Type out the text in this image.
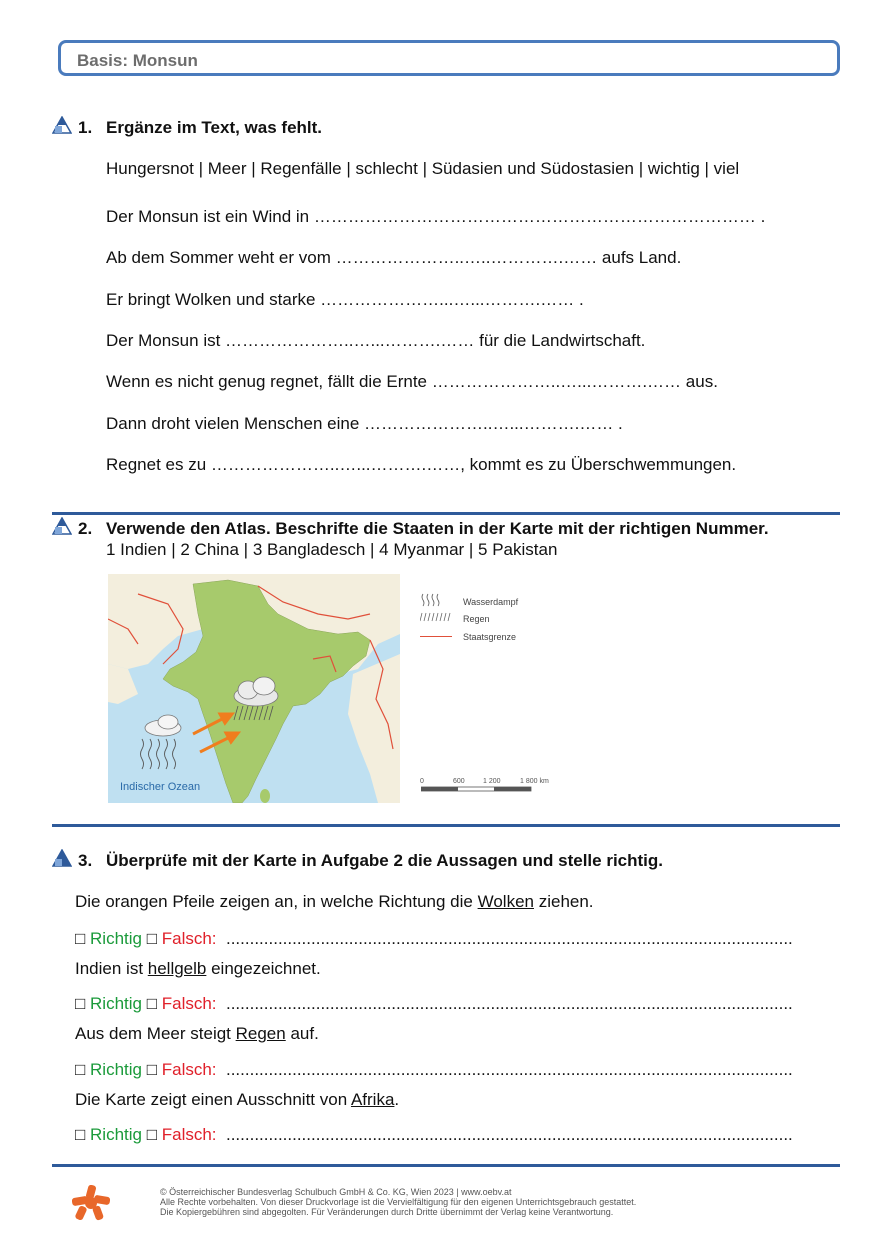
Basis: Monsun
1. Ergänze im Text, was fehlt.
Hungersnot | Meer | Regenfälle | schlecht | Südasien und Südostasien | wichtig | viel
Der Monsun ist ein Wind in …………………………………………………………………… .
Ab dem Sommer weht er vom …………………..…..………….…… aufs Land.
Er bringt Wolken und starke …………………...…...……….…… .
Der Monsun ist …………………..…...……….…… für die Landwirtschaft.
Wenn es nicht genug regnet, fällt die Ernte …………………..…...……….…… aus.
Dann droht vielen Menschen eine …………………..…...……….…… .
Regnet es zu …………………..…...……….……, kommt es zu Überschwemmungen.
2. Verwende den Atlas. Beschrifte die Staaten in der Karte mit der richtigen Nummer.
1 Indien | 2 China | 3 Bangladesch | 4 Myanmar | 5 Pakistan
Indischer Ozean
Wasserdampf
Regen
Staatsgrenze
0	600	1 200	1 800 km
3. Überprüfe mit der Karte in Aufgabe 2 die Aussagen und stelle richtig.
Die orangen Pfeile zeigen an, in welche Richtung die Wolken ziehen.
□ Richtig □ Falsch: ........................................................................................................................
Indien ist hellgelb eingezeichnet.
□ Richtig □ Falsch: ........................................................................................................................
Aus dem Meer steigt Regen auf.
□ Richtig □ Falsch: ........................................................................................................................
Die Karte zeigt einen Ausschnitt von Afrika.
□ Richtig □ Falsch: ........................................................................................................................
© Österreichischer Bundesverlag Schulbuch GmbH & Co. KG, Wien 2023 | www.oebv.at
Alle Rechte vorbehalten. Von dieser Druckvorlage ist die Vervielfältigung für den eigenen Unterrichtsgebrauch gestattet.
Die Kopiergebühren sind abgegolten. Für Veränderungen durch Dritte übernimmt der Verlag keine Verantwortung.
